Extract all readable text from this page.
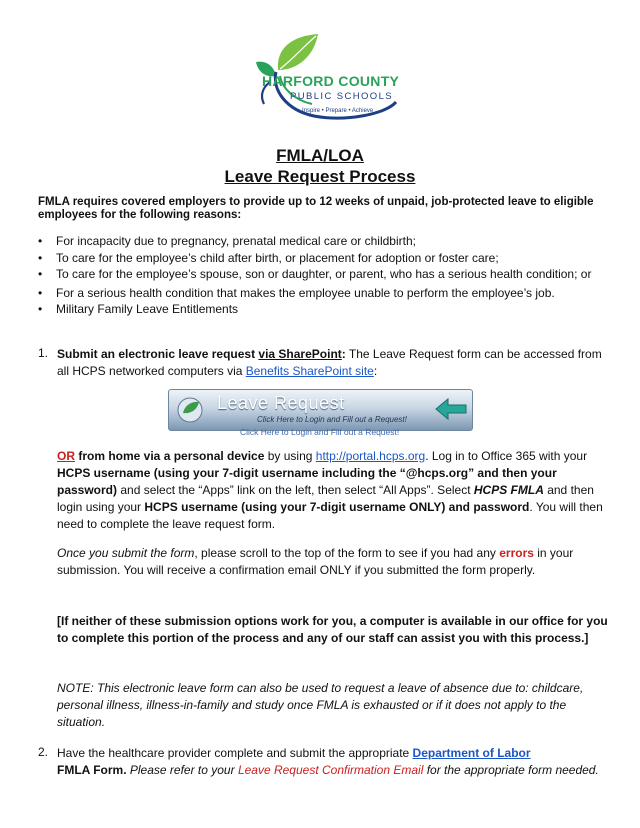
HARFORD COUNTY
PUBLIC SCHOOLS
Inspire • Prepare • Achieve
FMLA/LOA
Leave Request Process
FMLA requires covered employers to provide up to 12 weeks of unpaid, job-protected leave to eligible employees for the following reasons:
• For incapacity due to pregnancy, prenatal medical care or childbirth;
• To care for the employee’s child after birth, or placement for adoption or foster care;
• To care for the employee’s spouse, son or daughter, or parent, who has a serious health condition; or
• For a serious health condition that makes the employee unable to perform the employee’s job.
• Military Family Leave Entitlements
1. Submit an electronic leave request via SharePoint: The Leave Request form can be accessed from all HCPS networked computers via Benefits SharePoint site:
Leave Request
Click Here to Login and Fill out a Request!
Click Here to Login and Fill out a Request!
OR from home via a personal device by using http://portal.hcps.org. Log in to Office 365 with your HCPS username (using your 7-digit username including the “@hcps.org” and then your password) and select the “Apps” link on the left, then select “All Apps”. Select HCPS FMLA and then login using your HCPS username (using your 7-digit username ONLY) and password. You will then need to complete the leave request form.
Once you submit the form, please scroll to the top of the form to see if you had any errors in your submission. You will receive a confirmation email ONLY if you submitted the form properly.
[If neither of these submission options work for you, a computer is available in our office for you to complete this portion of the process and any of our staff can assist you with this process.]
NOTE: This electronic leave form can also be used to request a leave of absence due to: childcare, personal illness, illness-in-family and study once FMLA is exhausted or if it does not apply to the situation.
2. Have the healthcare provider complete and submit the appropriate Department of Labor
FMLA Form. Please refer to your Leave Request Confirmation Email for the appropriate form needed.
